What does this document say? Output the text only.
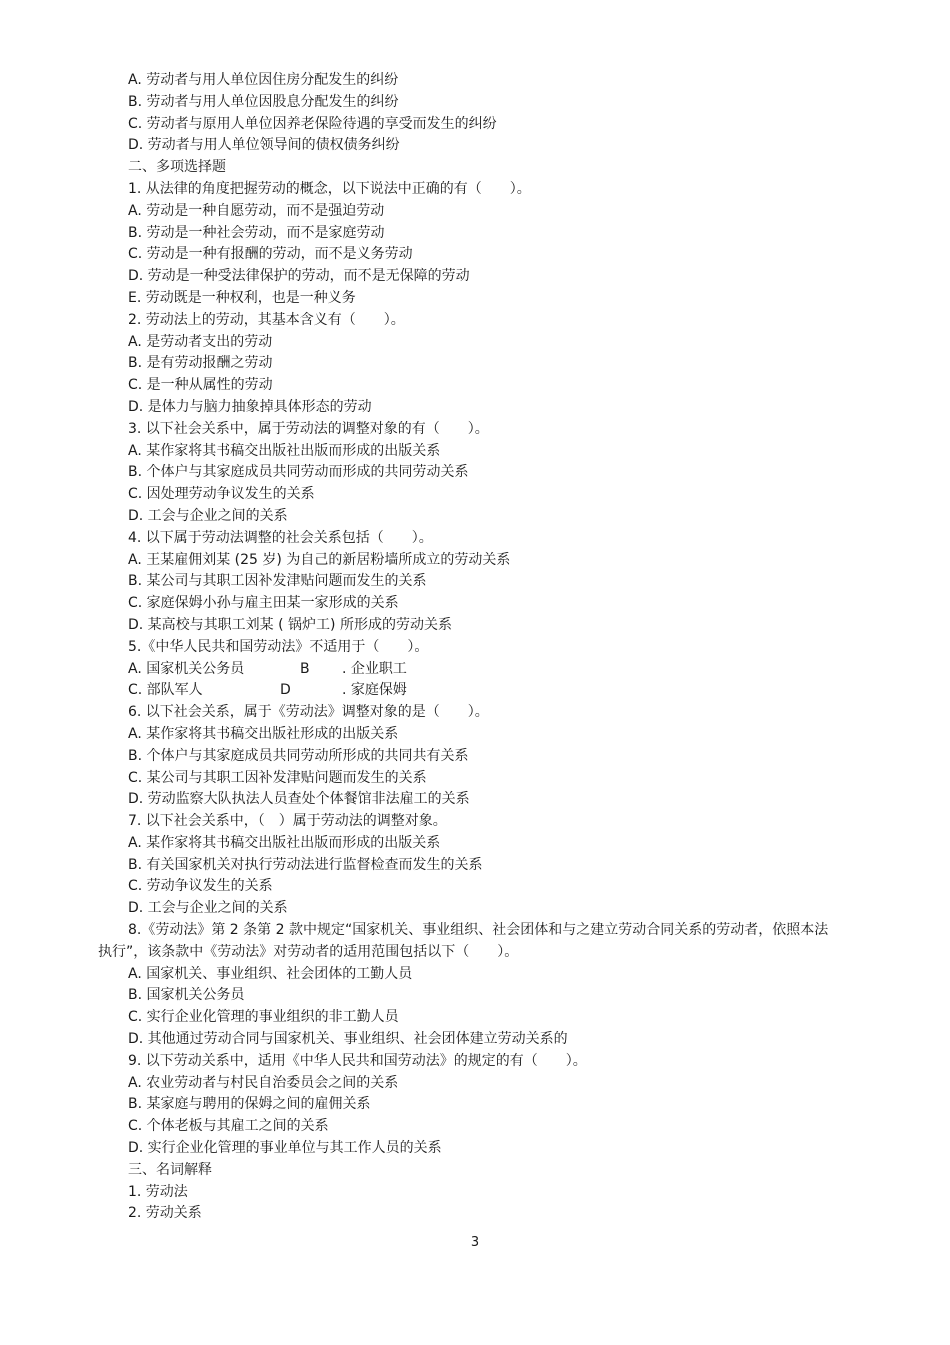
A. 劳动者与用人单位因住房分配发生的纠纷
B. 劳动者与用人单位因股息分配发生的纠纷
C. 劳动者与原用人单位因养老保险待遇的享受而发生的纠纷
D. 劳动者与用人单位领导间的债权债务纠纷
二、多项选择题
1. 从法律的角度把握劳动的概念，以下说法中正确的有（　　）。
A. 劳动是一种自愿劳动，而不是强迫劳动
B. 劳动是一种社会劳动，而不是家庭劳动
C. 劳动是一种有报酬的劳动，而不是义务劳动
D. 劳动是一种受法律保护的劳动，而不是无保障的劳动
E. 劳动既是一种权利，也是一种义务
2. 劳动法上的劳动，其基本含义有（　　）。
A. 是劳动者支出的劳动
B. 是有劳动报酬之劳动
C. 是一种从属性的劳动
D. 是体力与脑力抽象掉具体形态的劳动
3. 以下社会关系中，属于劳动法的调整对象的有（　　）。
A. 某作家将其书稿交出版社出版而形成的出版关系
B. 个体户与其家庭成员共同劳动而形成的共同劳动关系
C. 因处理劳动争议发生的关系
D. 工会与企业之间的关系
4. 以下属于劳动法调整的社会关系包括（　　）。
A. 王某雇佣刘某 (25 岁) 为自己的新居粉墙所成立的劳动关系
B. 某公司与其职工因补发津贴问题而发生的关系
C. 家庭保姆小孙与雇主田某一家形成的关系
D. 某高校与其职工刘某 ( 锅炉工) 所形成的劳动关系
5.《中华人民共和国劳动法》不适用于（　　）。
A. 国家机关公务员	B . 企业职工
C. 部队军人	D	. 家庭保姆
6. 以下社会关系，属于《劳动法》调整对象的是（　　）。
A. 某作家将其书稿交出版社形成的出版关系
B. 个体户与其家庭成员共同劳动所形成的共同共有关系
C. 某公司与其职工因补发津贴问题而发生的关系
D. 劳动监察大队执法人员查处个体餐馆非法雇工的关系
7. 以下社会关系中，（　）属于劳动法的调整对象。
A. 某作家将其书稿交出版社出版而形成的出版关系
B. 有关国家机关对执行劳动法进行监督检查而发生的关系
C. 劳动争议发生的关系
D. 工会与企业之间的关系
8.《劳动法》第 2 条第 2 款中规定“国家机关、事业组织、社会团体和与之建立劳动合同关系的劳动者，依照本法执行”，该条款中《劳动法》对劳动者的适用范围包括以下（　　）。
A. 国家机关、事业组织、社会团体的工勤人员
B. 国家机关公务员
C. 实行企业化管理的事业组织的非工勤人员
D. 其他通过劳动合同与国家机关、事业组织、社会团体建立劳动关系的
9. 以下劳动关系中，适用《中华人民共和国劳动法》的规定的有（　　）。
A. 农业劳动者与村民自治委员会之间的关系
B. 某家庭与聘用的保姆之间的雇佣关系
C. 个体老板与其雇工之间的关系
D. 实行企业化管理的事业单位与其工作人员的关系
三、名词解释
1. 劳动法
2. 劳动关系
3
